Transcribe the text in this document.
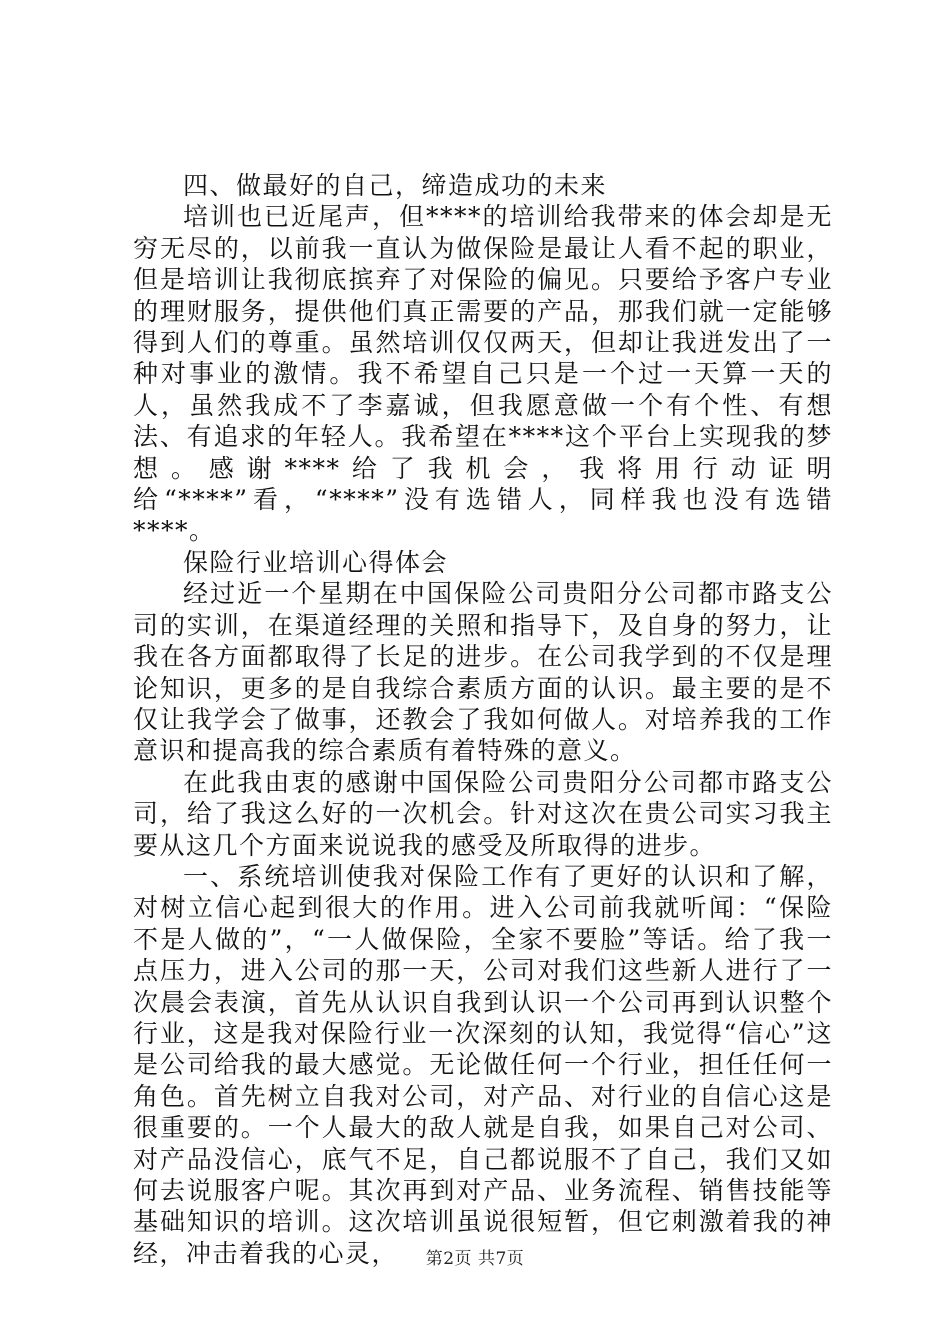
四、做最好的自己，缔造成功的未来

培训也已近尾声，但****的培训给我带来的体会却是无穷无尽的，以前我一直认为做保险是最让人看不起的职业，但是培训让我彻底摈弃了对保险的偏见。只要给予客户专业的理财服务，提供他们真正需要的产品，那我们就一定能够得到人们的尊重。虽然培训仅仅两天，但却让我迸发出了一种对事业的激情。我不希望自己只是一个过一天算一天的人，虽然我成不了李嘉诚，但我愿意做一个有个性、有想法、有追求的年轻人。我希望在****这个平台上实现我的梦想。感谢****给了我机会，我将用行动证明给“****”看，“****”没有选错人，同样我也没有选错****。

保险行业培训心得体会

经过近一个星期在中国保险公司贵阳分公司都市路支公司的实训，在渠道经理的关照和指导下，及自身的努力，让我在各方面都取得了长足的进步。在公司我学到的不仅是理论知识，更多的是自我综合素质方面的认识。最主要的是不仅让我学会了做事，还教会了我如何做人。对培养我的工作意识和提高我的综合素质有着特殊的意义。

在此我由衷的感谢中国保险公司贵阳分公司都市路支公司，给了我这么好的一次机会。针对这次在贵公司实习我主要从这几个方面来说说我的感受及所取得的进步。

一、系统培训使我对保险工作有了更好的认识和了解，对树立信心起到很大的作用。进入公司前我就听闻：“保险不是人做的”，“一人做保险，全家不要脸”等话。给了我一点压力，进入公司的那一天，公司对我们这些新人进行了一次晨会表演，首先从认识自我到认识一个公司再到认识整个行业，这是我对保险行业一次深刻的认知，我觉得“信心”这是公司给我的最大感觉。无论做任何一个行业，担任任何一角色。首先树立自我对公司，对产品、对行业的自信心这是很重要的。一个人最大的敌人就是自我，如果自己对公司、对产品没信心，底气不足，自己都说服不了自己，我们又如何去说服客户呢。其次再到对产品、业务流程、销售技能等基础知识的培训。这次培训虽说很短暂，但它刺激着我的神经，冲击着我的心灵，	第2页 共7页
